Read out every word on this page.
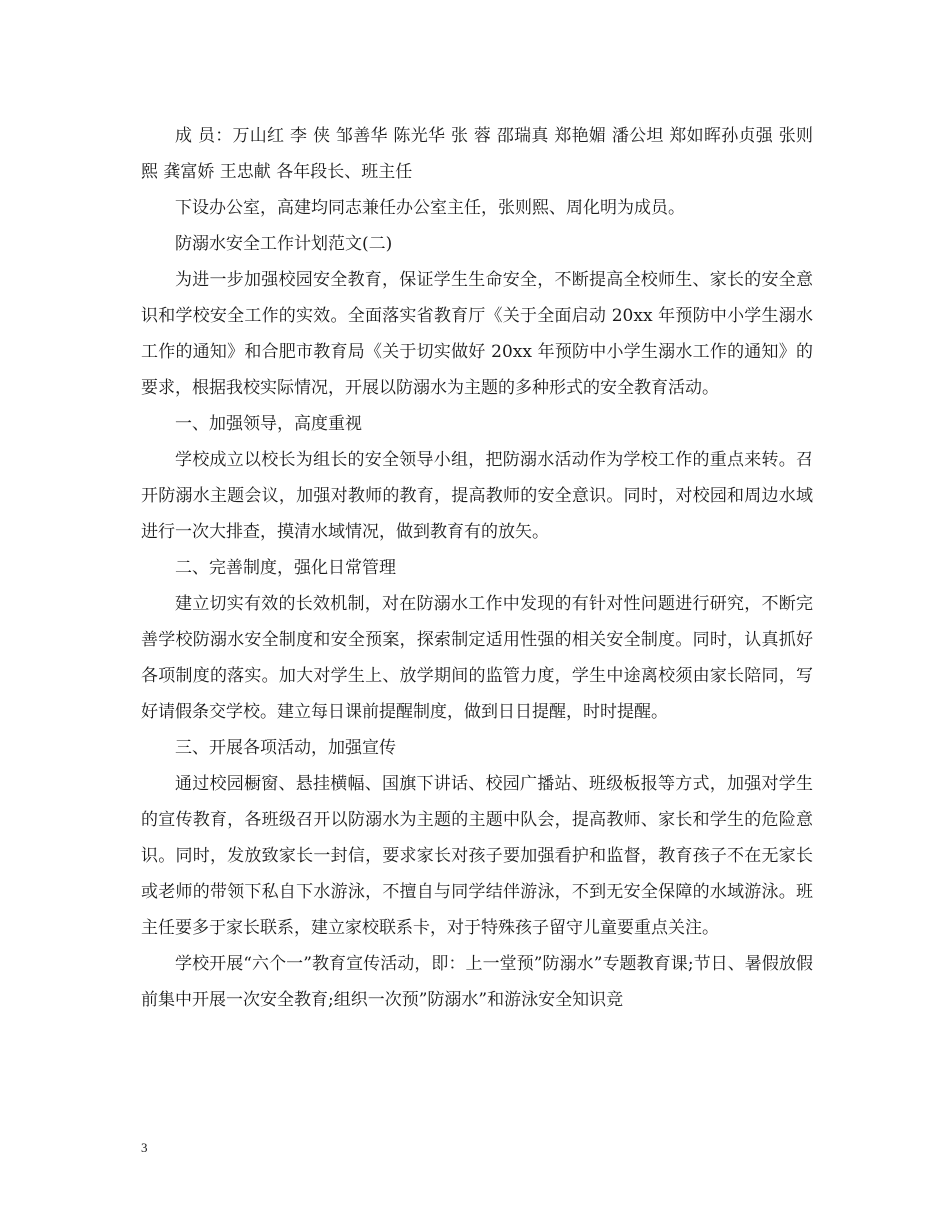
成 员：万山红 李 侠 邹善华 陈光华 张 蓉 邵瑞真 郑艳媚 潘公坦 郑如晖孙贞强 张则熙 龚富娇 王忠献 各年段长、班主任

下设办公室，高建均同志兼任办公室主任，张则熙、周化明为成员。

防溺水安全工作计划范文(二)

为进一步加强校园安全教育，保证学生生命安全，不断提高全校师生、家长的安全意识和学校安全工作的实效。全面落实省教育厅《关于全面启动 20xx 年预防中小学生溺水工作的通知》和合肥市教育局《关于切实做好 20xx 年预防中小学生溺水工作的通知》的要求，根据我校实际情况，开展以防溺水为主题的多种形式的安全教育活动。

一、加强领导，高度重视

学校成立以校长为组长的安全领导小组，把防溺水活动作为学校工作的重点来转。召开防溺水主题会议，加强对教师的教育，提高教师的安全意识。同时，对校园和周边水域进行一次大排查，摸清水域情况，做到教育有的放矢。

二、完善制度，强化日常管理

建立切实有效的长效机制，对在防溺水工作中发现的有针对性问题进行研究，不断完善学校防溺水安全制度和安全预案，探索制定适用性强的相关安全制度。同时，认真抓好各项制度的落实。加大对学生上、放学期间的监管力度，学生中途离校须由家长陪同，写好请假条交学校。建立每日课前提醒制度，做到日日提醒，时时提醒。

三、开展各项活动，加强宣传

通过校园橱窗、悬挂横幅、国旗下讲话、校园广播站、班级板报等方式，加强对学生的宣传教育，各班级召开以防溺水为主题的主题中队会，提高教师、家长和学生的危险意识。同时，发放致家长一封信，要求家长对孩子要加强看护和监督，教育孩子不在无家长或老师的带领下私自下水游泳，不擅自与同学结伴游泳，不到无安全保障的水域游泳。班主任要多于家长联系，建立家校联系卡，对于特殊孩子留守儿童要重点关注。

学校开展“六个一”教育宣传活动，即：上一堂预”防溺水”专题教育课;节日、暑假放假前集中开展一次安全教育;组织一次预”防溺水”和游泳安全知识竞

3
